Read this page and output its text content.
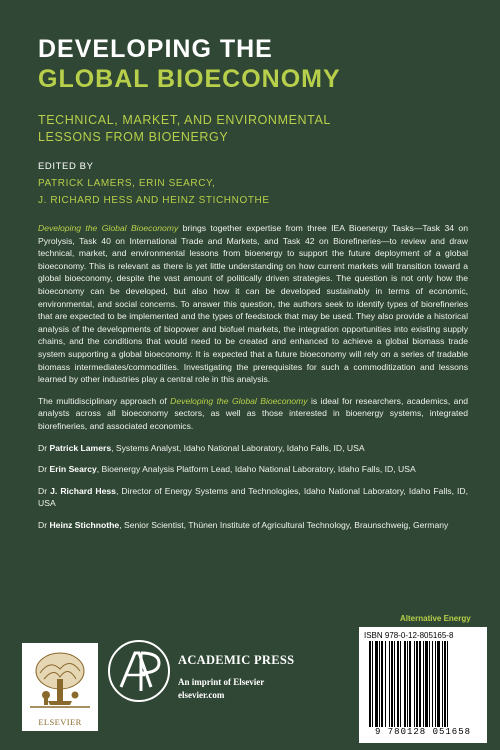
DEVELOPING THE
GLOBAL BIOECONOMY
TECHNICAL, MARKET, AND ENVIRONMENTAL
LESSONS FROM BIOENERGY
EDITED BY
PATRICK LAMERS, ERIN SEARCY,
J. RICHARD HESS AND HEINZ STICHNOTHE

Developing the Global Bioeconomy brings together expertise from three IEA Bioenergy Tasks—Task 34 on Pyrolysis, Task 40 on International Trade and Markets, and Task 42 on Biorefineries—to review and draw technical, market, and environmental lessons from bioenergy to support the future deployment of a global bioeconomy. This is relevant as there is yet little understanding on how current markets will transition toward a global bioeconomy, despite the vast amount of politically driven strategies. The question is not only how the bioeconomy can be developed, but also how it can be developed sustainably in terms of economic, environmental, and social concerns. To answer this question, the authors seek to identify types of biorefineries that are expected to be implemented and the types of feedstock that may be used. They also provide a historical analysis of the developments of biopower and biofuel markets, the integration opportunities into existing supply chains, and the conditions that would need to be created and enhanced to achieve a global biomass trade system supporting a global bioeconomy. It is expected that a future bioeconomy will rely on a series of tradable biomass intermediates/commodities. Investigating the prerequisites for such a commoditization and lessons learned by other industries play a central role in this analysis.

The multidisciplinary approach of Developing the Global Bioeconomy is ideal for researchers, academics, and analysts across all bioeconomy sectors, as well as those interested in bioenergy systems, integrated biorefineries, and associated economics.

Dr Patrick Lamers, Systems Analyst, Idaho National Laboratory, Idaho Falls, ID, USA

Dr Erin Searcy, Bioenergy Analysis Platform Lead, Idaho National Laboratory, Idaho Falls, ID, USA

Dr J. Richard Hess, Director of Energy Systems and Technologies, Idaho National Laboratory, Idaho Falls, ID, USA

Dr Heinz Stichnothe, Senior Scientist, Thünen Institute of Agricultural Technology, Braunschweig, Germany

Alternative Energy
ELSEVIER
ACADEMIC PRESS
An imprint of Elsevier
elsevier.com
ISBN 978-0-12-805165-8
9 780128 051658
